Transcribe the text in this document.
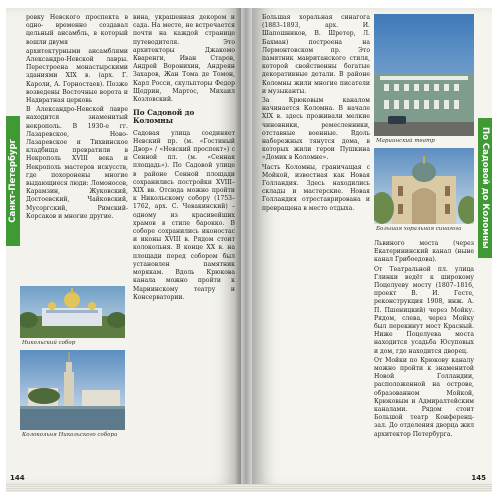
Санкт-Петербург

ровку Невского проспекта в одно- временно создавал цельный ансамбль, в который вошли двумя

архитектурными ансамблями Александро-Невской лавры. Перестроена монастырскими зданиями XIX в. (арх. Г. Кароли, А. Горностаев). Позже возведены Восточные ворота и Надвратная церковь

В Александро-Невской лавре находится знаменитый некрополь. В 1930-е гг. Лазаревское, Ново-Лазаревское и Тихвинское кладбища превратили в Некрополь XVIII века и Некрополь мастеров искусств, где похоронены многие выдающиеся люди: Ломоносов, Карамзин, Жуковский, Достоевский, Чайковский, Мусоргский, Римский-Корсаков и многие другие.

вина, украшенная декором и сада. На месте, не встречается почти на каждой странице путеводителя. Это архитекторы Джакомо Кваренги, Иван Старов, Андрей Воронихин, Андреян Захаров, Жан Тома де Томон, Карл Росси, скульпторы Федор Щедрин, Мартос, Михаил Козловский.

По Садовой до Коломны

Садовая улица соединяет Невский пр. (м. «Гостиный Двор» / «Невский проспект») с Сенной пл. (м. «Сенная площадь»). По Садовой улице в районе Сенной площади сохранились постройки XVIII–XIX вв. Отсюда можно пройти к Никольскому собору (1753–1762, арх. С. Чевакинский) – одному из красивейших храмов в стиле барокко. В соборе сохранились иконостас и иконы XVIII в. Рядом стоит колокольня. В конце XX в. на площади перед собором был установлен памятник морякам. Вдоль Крюкова канала можно пройти к Мариинскому театру и Консерватории.

Никольский собор
Колокольня Никольского собора
144
По Садовой до Коломны

Большая хоральная синагога (1883–1893, арх. И. Шапошников, В. Шретер, Л. Бахман) построена на Лермонтовском пр. Это памятник мавританского стиля, которой свойственны богатые декоративные детали. В районе Коломны жили многие писатели и музыканты.

За Крюковым каналом начинается Коломна. В начале XIX в. здесь проживали мелкие чиновники, ремесленники, отставные военные. Вдоль набережных тянутся дома, в которых жили герои Пушкина «Домик в Коломне».

Часть Коломны, граничащая с Мойкой, известная как Новая Голландия. Здесь находились склады и мастерские. Новая Голландия отреставрирована и превращена в место отдыха.

Мариинский театр
Большая хоральная синагога

Львиного моста (через Екатерининский канал (ныне канал Грибоедова).

От Театральной пл. улица Глинки ведёт к широкому Поцелуеву мосту (1807–1816, проект В. И. Гесте, реконструкция 1908, инж. А. П. Пшеницкий) через Мойку. Рядом, слева, через Мойку был перекинут мост Красный. Ниже Поцелуева моста находится усадьба Юсуповых и дом, где находится дворец.

От Мойки по Крюкову каналу можно пройти к знаменитой Новой Голландии, расположенной на острове, образованном Мойкой, Крюковым и Адмиралтейским каналами. Рядом стоит Большой театр Конференц-зал. До отделения дворца жил архитектор Петербурга.

145
